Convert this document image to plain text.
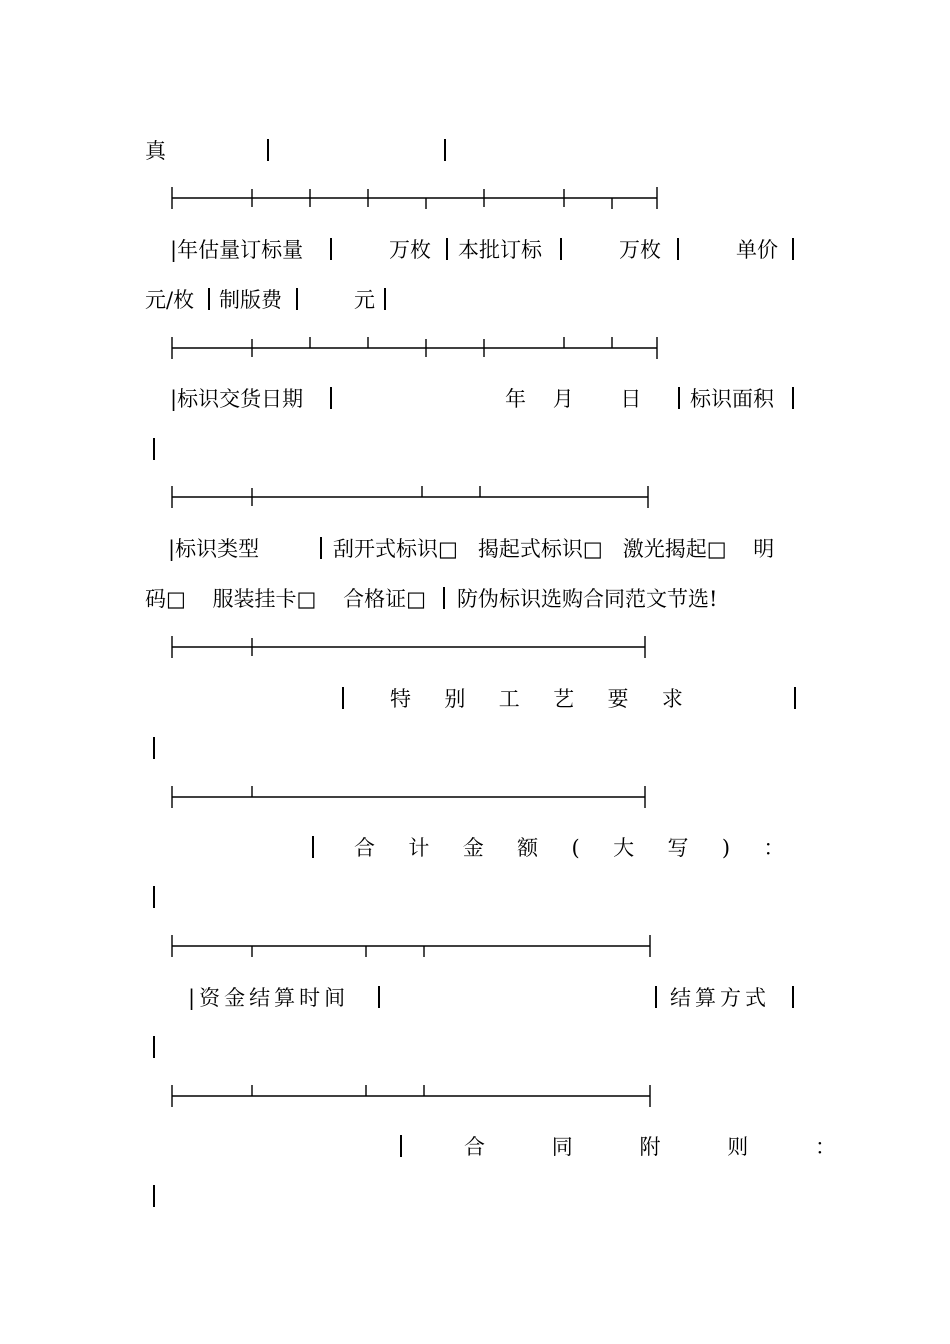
真
|年估量订标量	万枚 本批订标	万枚	单价
元/枚 制版费	元
|标识交货日期	年    月       日 标识面积
|标识类型	刮开式标识□   揭起式标识□   激光揭起□    明
码□    服装挂卡□    合格证□ 防伪标识选购合同范文节选!
特     别     工     艺     要     求
合     计     金     额     (     大     写     )     ：
|资金结算时间	结算方式
合          同          附          则          ：
